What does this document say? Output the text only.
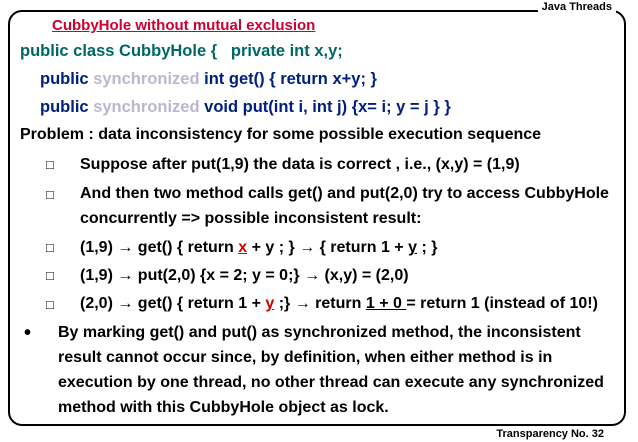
Java Threads
Transparency No. 32
CubbyHole without mutual exclusion
public class CubbyHole { private int x,y;
public synchronized int get() { return x+y; }
public synchronized void put(int i, int j) {x= i; y = j } }
Problem : data inconsistency for some possible execution sequence
□ Suppose after put(1,9) the data is correct , i.e., (x,y) = (1,9)
□ And then two method calls get() and put(2,0) try to access CubbyHole
concurrently => possible inconsistent result:
□ (1,9) → get() { return x + y ; } → { return 1 + y ; }
□ (1,9) → put(2,0) {x = 2; y = 0;} → (x,y) = (2,0)
□ (2,0) → get() { return 1 + y ;} → return 1 + 0 = return 1 (instead of 10!)
• By marking get() and put() as synchronized method, the inconsistent
result cannot occur since, by definition, when either method is in
execution by one thread, no other thread can execute any synchronized
method with this CubbyHole object as lock.
